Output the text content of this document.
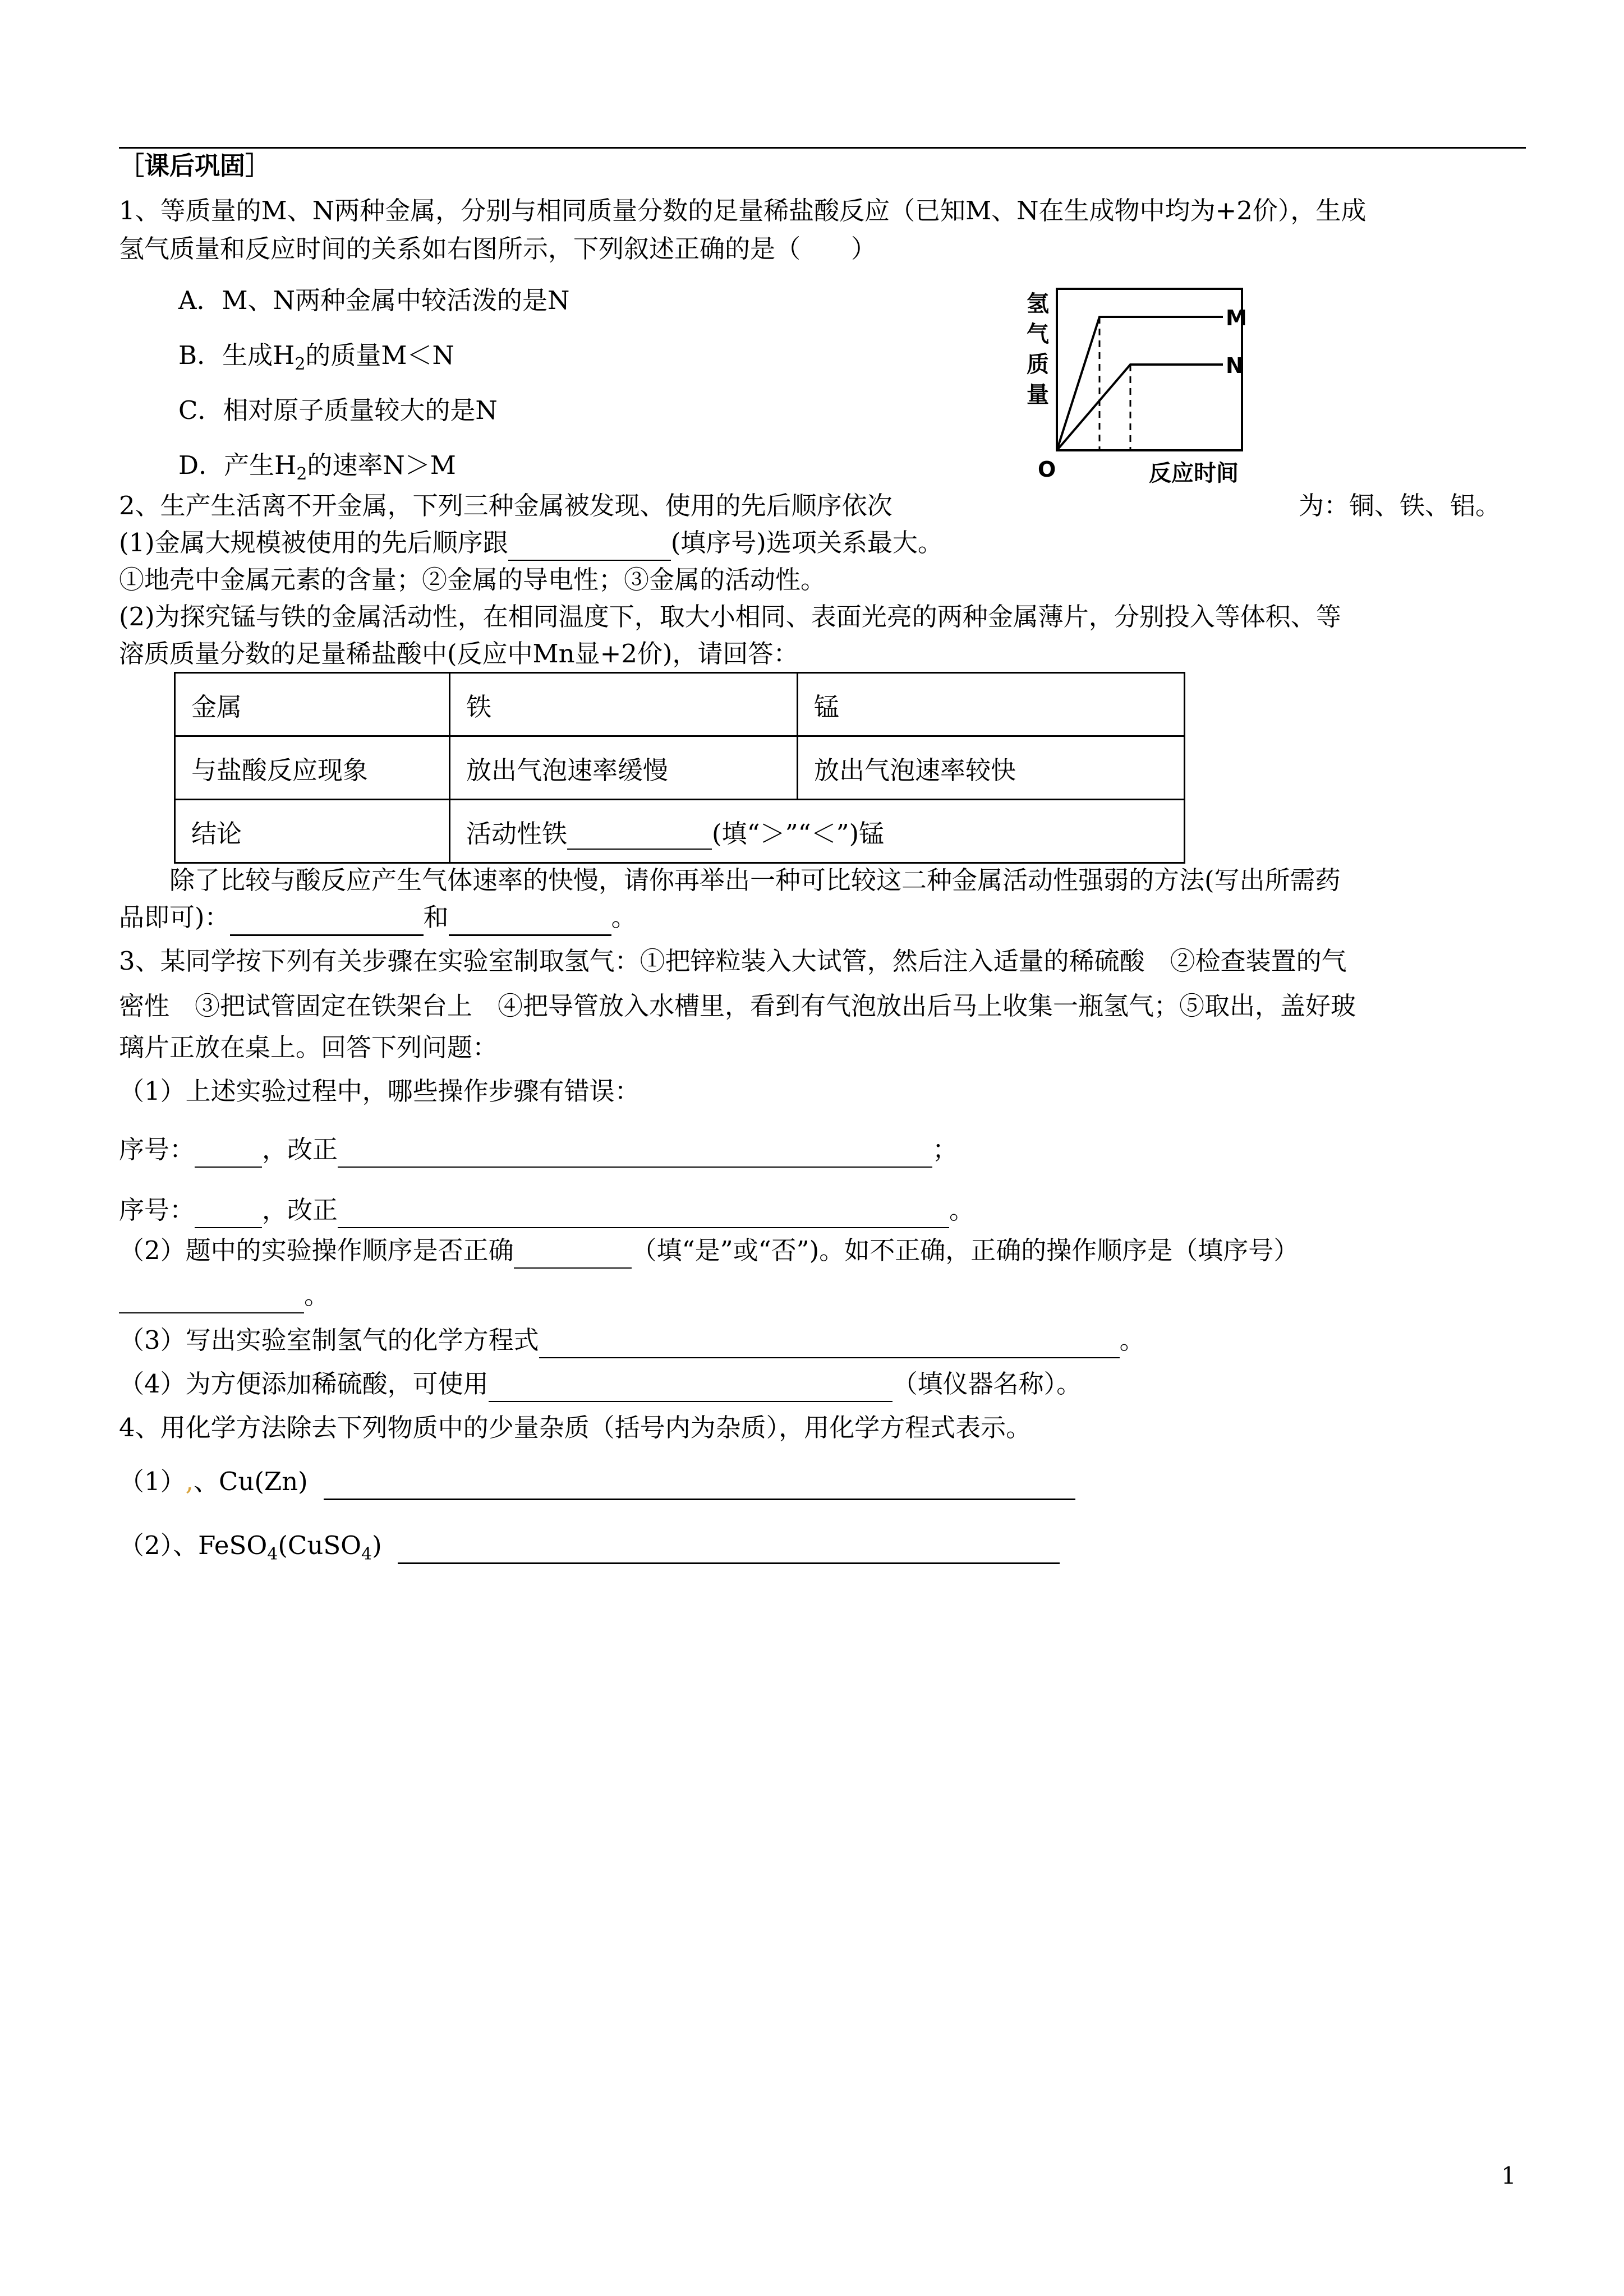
［课后巩固］
1、等质量的M、N两种金属，分别与相同质量分数的足量稀盐酸反应（已知M、N在生成物中均为+2价），生成
氢气质量和反应时间的关系如右图所示，下列叙述正确的是（　　）
A．M、N两种金属中较活泼的是N
B．生成$H_2$的质量M＜N
C．相对原子质量较大的是N
D．产生$H_2$的速率N＞M
氢
气
质
量
M
N
O	反应时间
2、生产生活离不开金属，下列三种金属被发现、使用的先后顺序依次	为：铜、铁、铝。
(1)金属大规模被使用的先后顺序跟	(填序号)选项关系最大。
①地壳中金属元素的含量；②金属的导电性；③金属的活动性。
(2)为探究锰与铁的金属活动性，在相同温度下，取大小相同、表面光亮的两种金属薄片，分别投入等体积、等
溶质质量分数的足量稀盐酸中(反应中Mn显+2价)，请回答：
金属	铁	锰
与盐酸反应现象	放出气泡速率缓慢	放出气泡速率较快
结论	活动性铁 (填“＞”“＜”)锰	
　　除了比较与酸反应产生气体速率的快慢，请你再举出一种可比较这二种金属活动性强弱的方法(写出所需药
品即可)：	和	。
3、某同学按下列有关步骤在实验室制取氢气：①把锌粒装入大试管，然后注入适量的稀硫酸　②检查装置的气
密性　③把试管固定在铁架台上　④把导管放入水槽里，看到有气泡放出后马上收集一瓶氢气；⑤取出，盖好玻
璃片正放在桌上。回答下列问题：
（1）上述实验过程中，哪些操作步骤有错误：
序号：	，改正	；
序号：	，改正	。
（2）题中的实验操作顺序是否正确	（填“是”或“否”)。如不正确，正确的操作顺序是（填序号）
。
（3）写出实验室制氢气的化学方程式	。
（4）为方便添加稀硫酸，可使用	（填仪器名称）。
4、用化学方法除去下列物质中的少量杂质（括号内为杂质），用化学方程式表示。
（1）,、Cu(Zn)
（2）、FeSO$_4$(CuSO$_4$)
1
